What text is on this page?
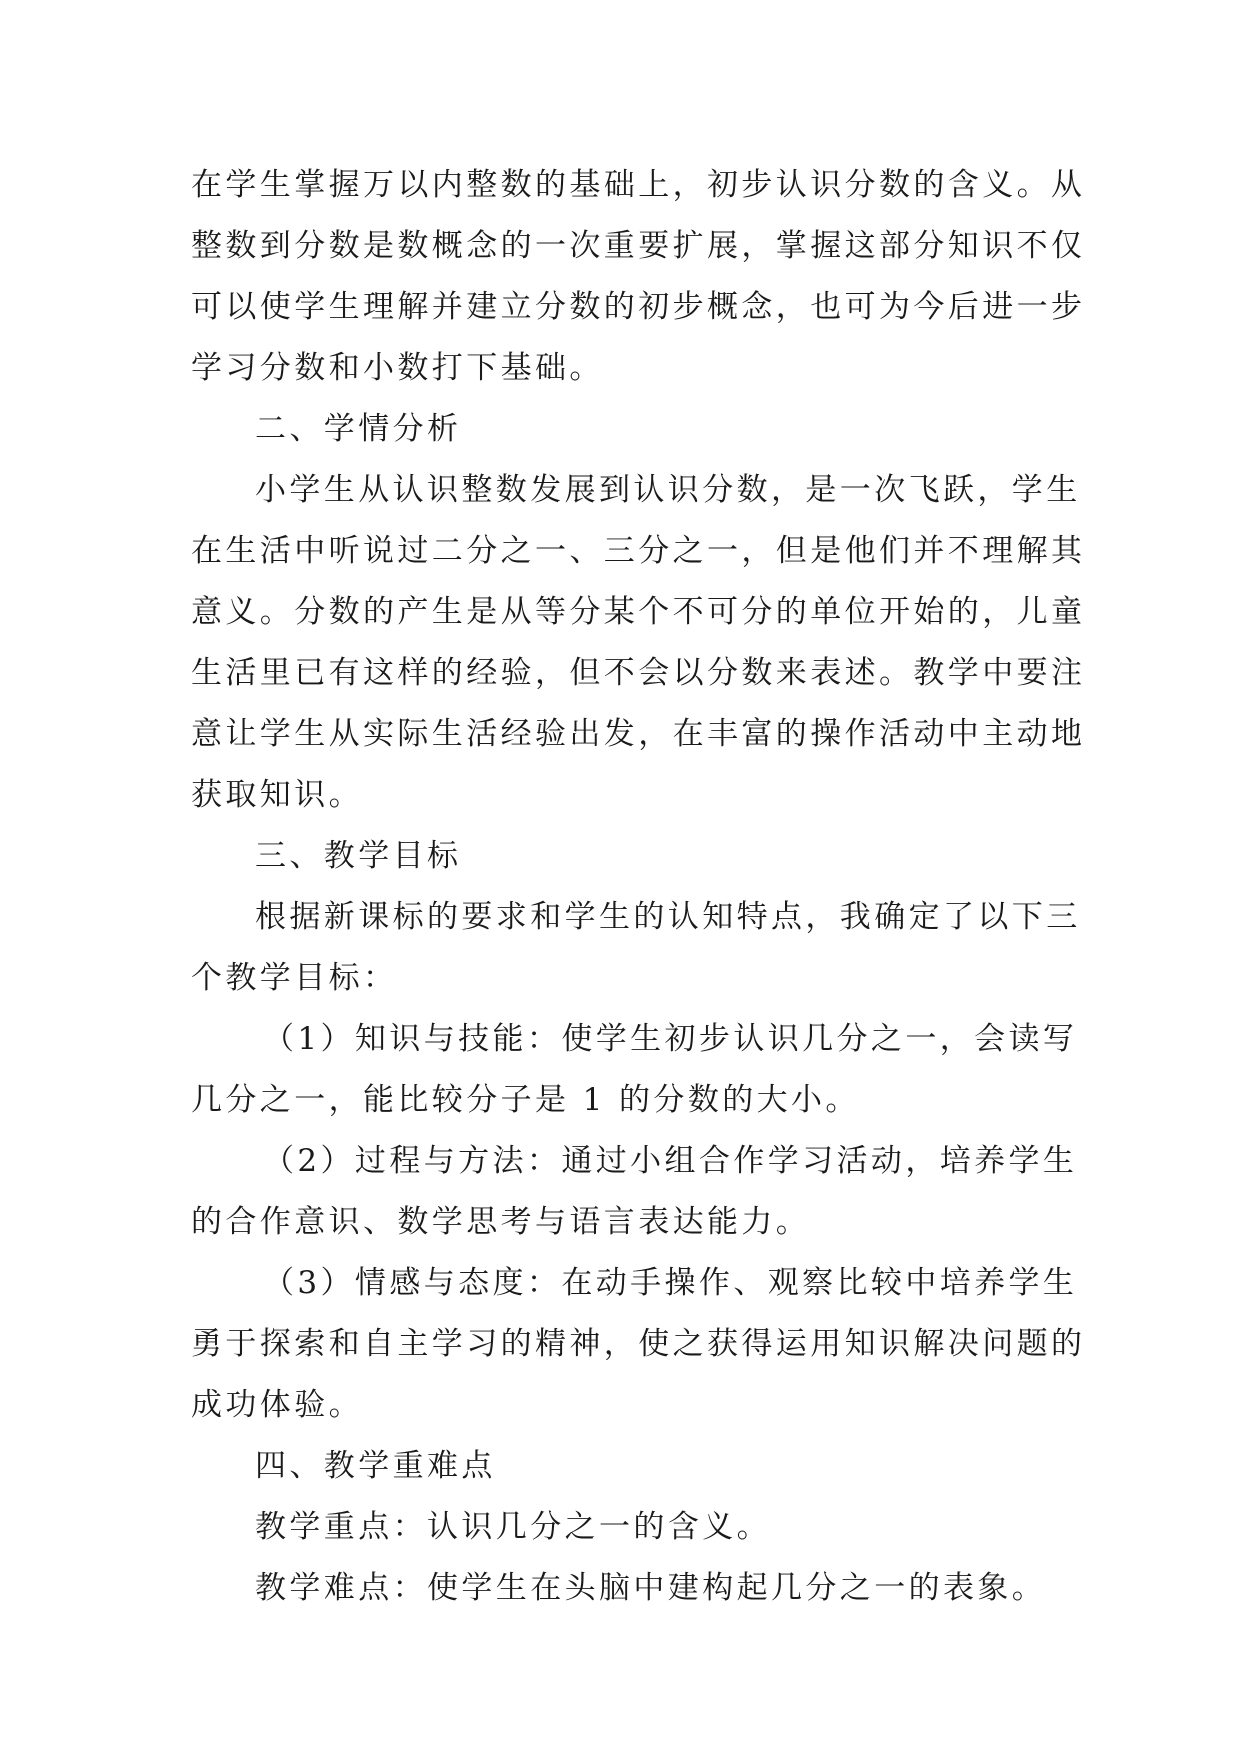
在学生掌握万以内整数的基础上，初步认识分数的含义。从
整数到分数是数概念的一次重要扩展，掌握这部分知识不仅
可以使学生理解并建立分数的初步概念，也可为今后进一步
学习分数和小数打下基础。
二、学情分析
小学生从认识整数发展到认识分数，是一次飞跃，学生
在生活中听说过二分之一、三分之一，但是他们并不理解其
意义。分数的产生是从等分某个不可分的单位开始的，儿童
生活里已有这样的经验，但不会以分数来表述。教学中要注
意让学生从实际生活经验出发，在丰富的操作活动中主动地
获取知识。
三、教学目标
根据新课标的要求和学生的认知特点，我确定了以下三
个教学目标：
（1）知识与技能：使学生初步认识几分之一，会读写
几分之一，能比较分子是 1 的分数的大小。
（2）过程与方法：通过小组合作学习活动，培养学生
的合作意识、数学思考与语言表达能力。
（3）情感与态度：在动手操作、观察比较中培养学生
勇于探索和自主学习的精神，使之获得运用知识解决问题的
成功体验。
四、教学重难点
教学重点：认识几分之一的含义。
教学难点：使学生在头脑中建构起几分之一的表象。
